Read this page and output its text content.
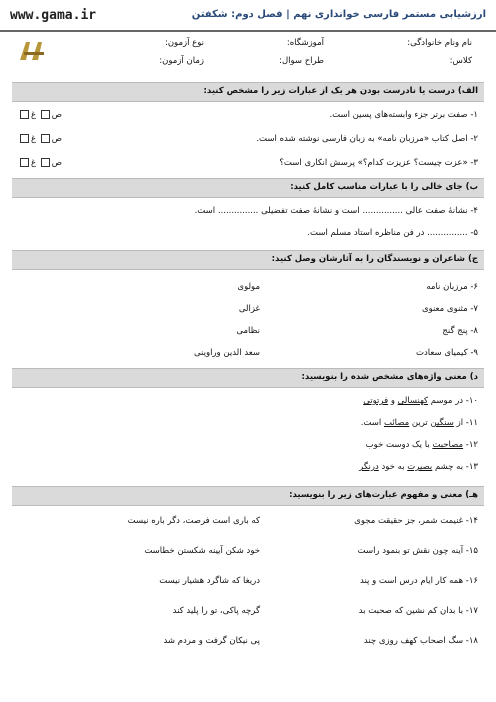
www.gama.ir	ارزشیابی مستمر فارسی خوانداری نهم | فصل دوم: شکفتن
نام ونام خانوادگی:
آموزشگاه:
نوع آزمون:
کلاس:
طراح سوال:
زمان آزمون:
الف) درست یا نادرست بودن هر یک از عبارات زیر را مشخص کنید:
۱- صفت برتر جزء وابسته‌های پسین است.
۲- اصل کتاب «مرزبان نامه» به زبان فارسی نوشته شده است.
۳- «عزت چیست؟ عزیزت کدام؟» پرسش انکاری است؟
ص غ
ص غ
ص غ
ب) جای خالی را با عبارات مناسب کامل کنید:
۴- نشانهٔ صفت عالی ............... است و نشانهٔ صفت تفضیلی ............... است.
۵- ............... در فن مناظره استاد مسلم است.
ج) شاعران و نویسندگان را به آثارشان وصل کنید:
۶- مرزبان نامه
۷- مثنوی معنوی
۸- پنج گنج
۹- کیمیای سعادت
مولوی
غزالی
نظامی
سعد الدین وراوینی
د) معنی واژه‌های مشخص شده را بنویسید:
۱۰- در موسم کهنسالی و فرتوتی
۱۱- از سنگین ترین مصائب است.
۱۲- مصاحبت با یک دوست خوب
۱۳- به چشم بصیرت به خود درنگر
هـ) معنی و مفهوم عبارت‌های زیر را بنویسید:
۱۴- غنیمت شمر، جز حقیقت مجوی
۱۵- آینه چون نقش تو بنمود راست
۱۶- همه کار ایام درس است و پند
۱۷- با بدان کم نشین که صحبت بد
۱۸- سگ اصحاب کهف روزی چند
که باری است فرصت، دگر باره نیست
خود شکن آیینه شکستن خطاست
دریغا که شاگرد هشیار نیست
گرچه پاکی، تو را پلید کند
پی نیکان گرفت و مردم شد
